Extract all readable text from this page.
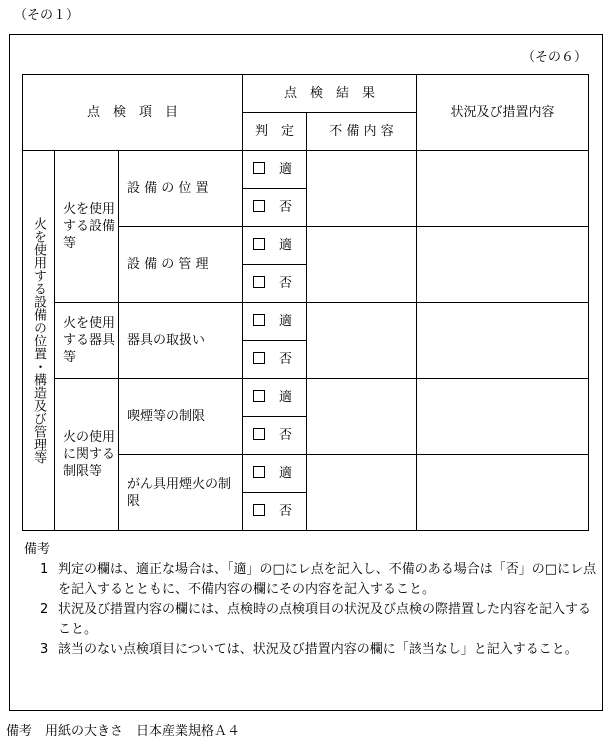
（その１）
（その６）
点　検　項　目			点　検　結　果		状況及び措置内容
			判　定	不 備 内 容	

火を使用する設備の位置・構造及び管理等	火を使用する設備等	設 備 の 位 置	適		
			否		
		設 備 の 管 理	適		
			否		

	火を使用する器具等	器具の取扱い	適		
			否		

	火の使用に関する制限等	喫煙等の制限	適		
			否		

		がん具用煙火の制　　限	適		
			否		
備考
1 判定の欄は、適正な場合は、「適」の□にレ点を記入し、不備のある場合は「否」の□にレ点を記入するとともに、不備内容の欄にその内容を記入すること。
2 状況及び措置内容の欄には、点検時の点検項目の状況及び点検の際措置した内容を記入すること。
3 該当のない点検項目については、状況及び措置内容の欄に「該当なし」と記入すること。
備考　用紙の大きさ　日本産業規格Ａ４
